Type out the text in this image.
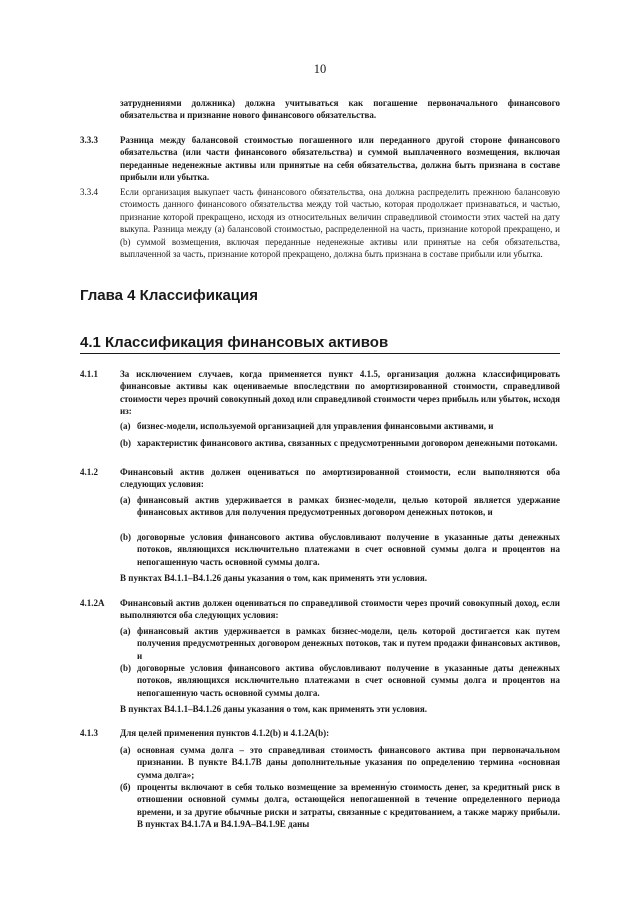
10
затруднениями должника) должна учитываться как погашение первоначального финансового обязательства и признание нового финансового обязательства.
3.3.3 Разница между балансовой стоимостью погашенного или переданного другой стороне финансового обязательства (или части финансового обязательства) и суммой выплаченного возмещения, включая переданные неденежные активы или принятые на себя обязательства, должна быть признана в составе прибыли или убытка.
3.3.4 Если организация выкупает часть финансового обязательства, она должна распределить прежнюю балансовую стоимость данного финансового обязательства между той частью, которая продолжает признаваться, и частью, признание которой прекращено, исходя из относительных величин справедливой стоимости этих частей на дату выкупа. Разница между (а) балансовой стоимостью, распределенной на часть, признание которой прекращено, и (b) суммой возмещения, включая переданные неденежные активы или принятые на себя обязательства, выплаченной за часть, признание которой прекращено, должна быть признана в составе прибыли или убытка.
Глава 4 Классификация
4.1 Классификация финансовых активов
4.1.1 За исключением случаев, когда применяется пункт 4.1.5, организация должна классифицировать финансовые активы как оцениваемые впоследствии по амортизированной стоимости, справедливой стоимости через прочий совокупный доход или справедливой стоимости через прибыль или убыток, исходя из:
(a) бизнес-модели, используемой организацией для управления финансовыми активами, и
(b) характеристик финансового актива, связанных с предусмотренными договором денежными потоками.
4.1.2 Финансовый актив должен оцениваться по амортизированной стоимости, если выполняются оба следующих условия:
(a) финансовый актив удерживается в рамках бизнес-модели, целью которой является удержание финансовых активов для получения предусмотренных договором денежных потоков, и
(b) договорные условия финансового актива обусловливают получение в указанные даты денежных потоков, являющихся исключительно платежами в счет основной суммы долга и процентов на непогашенную часть основной суммы долга.
В пунктах B4.1.1–B4.1.26 даны указания о том, как применять эти условия.
4.1.2A Финансовый актив должен оцениваться по справедливой стоимости через прочий совокупный доход, если выполняются оба следующих условия:
(a) финансовый актив удерживается в рамках бизнес-модели, цель которой достигается как путем получения предусмотренных договором денежных потоков, так и путем продажи финансовых активов, и
(b) договорные условия финансового актива обусловливают получение в указанные даты денежных потоков, являющихся исключительно платежами в счет основной суммы долга и процентов на непогашенную часть основной суммы долга.
В пунктах B4.1.1–B4.1.26 даны указания о том, как применять эти условия.
4.1.3 Для целей применения пунктов 4.1.2(b) и 4.1.2A(b):
(a) основная сумма долга – это справедливая стоимость финансового актива при первоначальном признании. В пункте B4.1.7B даны дополнительные указания по определению термина «основная сумма долга»;
(б) проценты включают в себя только возмещение за временну́ю стоимость денег, за кредитный риск в отношении основной суммы долга, остающейся непогашенной в течение определенного периода времени, и за другие обычные риски и затраты, связанные с кредитованием, а также маржу прибыли. В пунктах B4.1.7A и B4.1.9A–B4.1.9E даны
